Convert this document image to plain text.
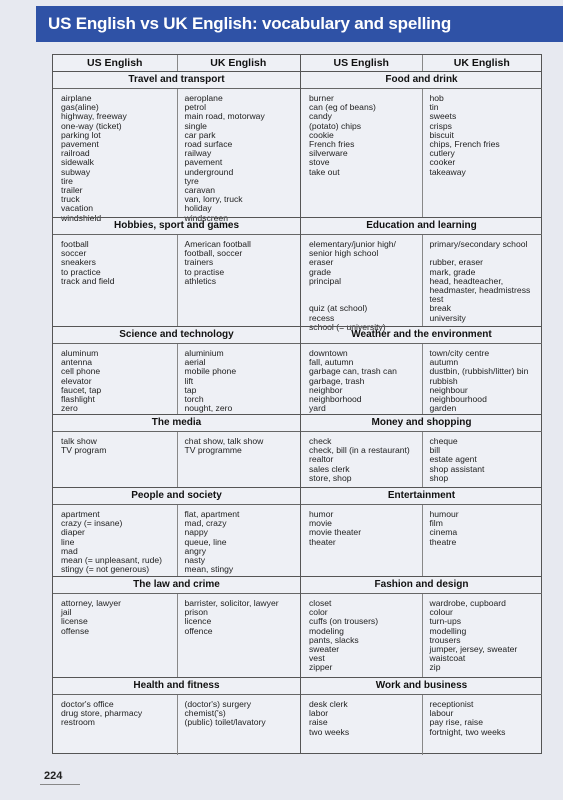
US English vs UK English: vocabulary and spelling
US English	UK English
Travel and transport
airplane
gas(aline)
highway, freeway
one-way (ticket)
parking lot
pavement
railroad
sidewalk
subway
tire
trailer
truck
vacation
windshield
aeroplane
petrol
main road, motorway
single
car park
road surface
railway
pavement
underground
tyre
caravan
van, lorry, truck
holiday
windscreen
Hobbies, sport and games
football
soccer
sneakers
to practice
track and field
American football
football, soccer
trainers
to practise
athletics
Science and technology
aluminum
antenna
cell phone
elevator
faucet, tap
flashlight
zero
aluminium
aerial
mobile phone
lift
tap
torch
nought, zero
The media
talk show
TV program
chat show, talk show
TV programme
People and society
apartment
crazy (= insane)
diaper
line
mad
mean (= unpleasant, rude)
stingy (= not generous)
flat, apartment
mad, crazy
nappy
queue, line
angry
nasty
mean, stingy
The law and crime
attorney, lawyer
jail
license
offense
barrister, solicitor, lawyer
prison
licence
offence
Health and fitness
doctor's office
drug store, pharmacy
restroom
(doctor's) surgery
chemist('s)
(public) toilet/lavatory
US English	UK English
Food and drink
burner
can (eg of beans)
candy
(potato) chips
cookie
French fries
silverware
stove
take out
hob
tin
sweets
crisps
biscuit
chips, French fries
cutlery
cooker
takeaway
Education and learning
elementary/junior high/
senior high school
eraser
grade
principal

quiz (at school)
recess
school (= university)
primary/secondary school

rubber, eraser
mark, grade
head, headteacher,
headmaster, headmistress
test
break
university
Weather and the environment
downtown
fall, autumn
garbage can, trash can
garbage, trash
neighbor
neighborhood
yard
town/city centre
autumn
dustbin, (rubbish/litter) bin
rubbish
neighbour
neighbourhood
garden
Money and shopping
check
check, bill (in a restaurant)
realtor
sales clerk
store, shop
cheque
bill
estate agent
shop assistant
shop
Entertainment
humor
movie
movie theater
theater
humour
film
cinema
theatre
Fashion and design
closet
color
cuffs (on trousers)
modeling
pants, slacks
sweater
vest
zipper
wardrobe, cupboard
colour
turn-ups
modelling
trousers
jumper, jersey, sweater
waistcoat
zip
Work and business
desk clerk
labor
raise
two weeks
receptionist
labour
pay rise, raise
fortnight, two weeks
224
